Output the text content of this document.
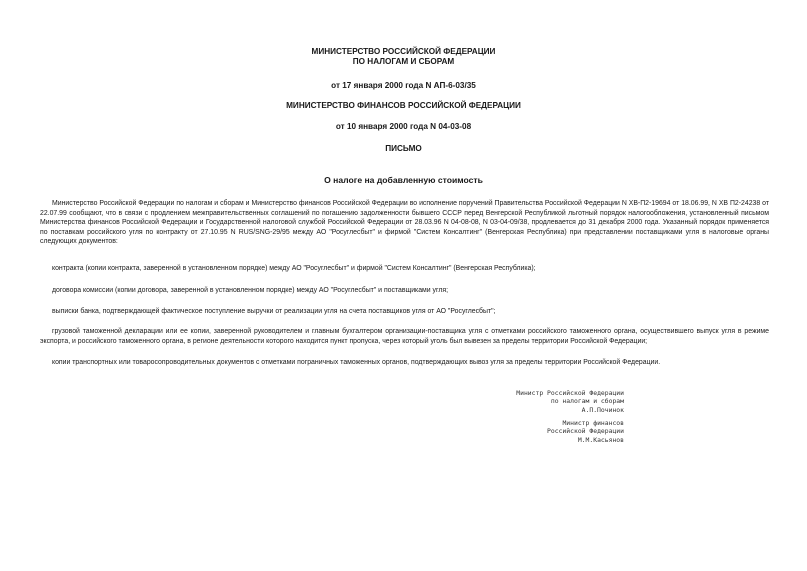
МИНИСТЕРСТВО РОССИЙСКОЙ ФЕДЕРАЦИИ

ПО НАЛОГАМ И СБОРАМ

от 17 января 2000 года N АП-6-03/35

МИНИСТЕРСТВО ФИНАНСОВ РОССИЙСКОЙ ФЕДЕРАЦИИ

от 10 января 2000 года N 04-03-08

ПИСЬМО

О налоге на добавленную стоимость

Министерство Российской Федерации по налогам и сборам и Министерство финансов Российской Федерации во исполнение поручений Правительства Российской Федерации N ХВ-П2-19694 от 18.06.99, N ХВ П2-24238 от 22.07.99 сообщают, что в связи с продлением межправительственных соглашений по погашению задолженности бывшего СССР перед Венгерской Республикой льготный порядок налогообложения, установленный письмом Министерства финансов Российской Федерации и Государственной налоговой службой Российской Федерации от 28.03.96 N 04-08-08, N 03-04-09/38, продлевается до 31 декабря 2000 года. Указанный порядок применяется по поставкам российского угля по контракту от 27.10.95 N RUS/SNG-29/95 между АО "Росуглесбыт" и фирмой "Систем Консалтинг" (Венгерская Республика) при представлении поставщиками угля в налоговые органы следующих документов:

контракта (копии контракта, заверенной в установленном порядке) между АО "Росуглесбыт" и фирмой "Систем Консалтинг" (Венгерская Республика);

договора комиссии (копии договора, заверенной в установленном порядке) между АО "Росуглесбыт" и поставщиками угля;

выписки банка, подтверждающей фактическое поступление выручки от реализации угля на счета поставщиков угля от АО "Росуглесбыт";

грузовой таможенной декларации или ее копии, заверенной руководителем и главным бухгалтером организации-поставщика угля с отметками российского таможенного органа, осуществившего выпуск угля в режиме экспорта, и российского таможенного органа, в регионе деятельности которого находится пункт пропуска, через который уголь был вывезен за пределы территории Российской Федерации;

копии транспортных или товаросопроводительных документов с отметками пограничных таможенных органов, подтверждающих вывоз угля за пределы территории Российской Федерации.

Министр Российской Федерации
по налогам и сборам
А.П.Починок
Министр финансов
Российской Федерации
М.М.Касьянов
